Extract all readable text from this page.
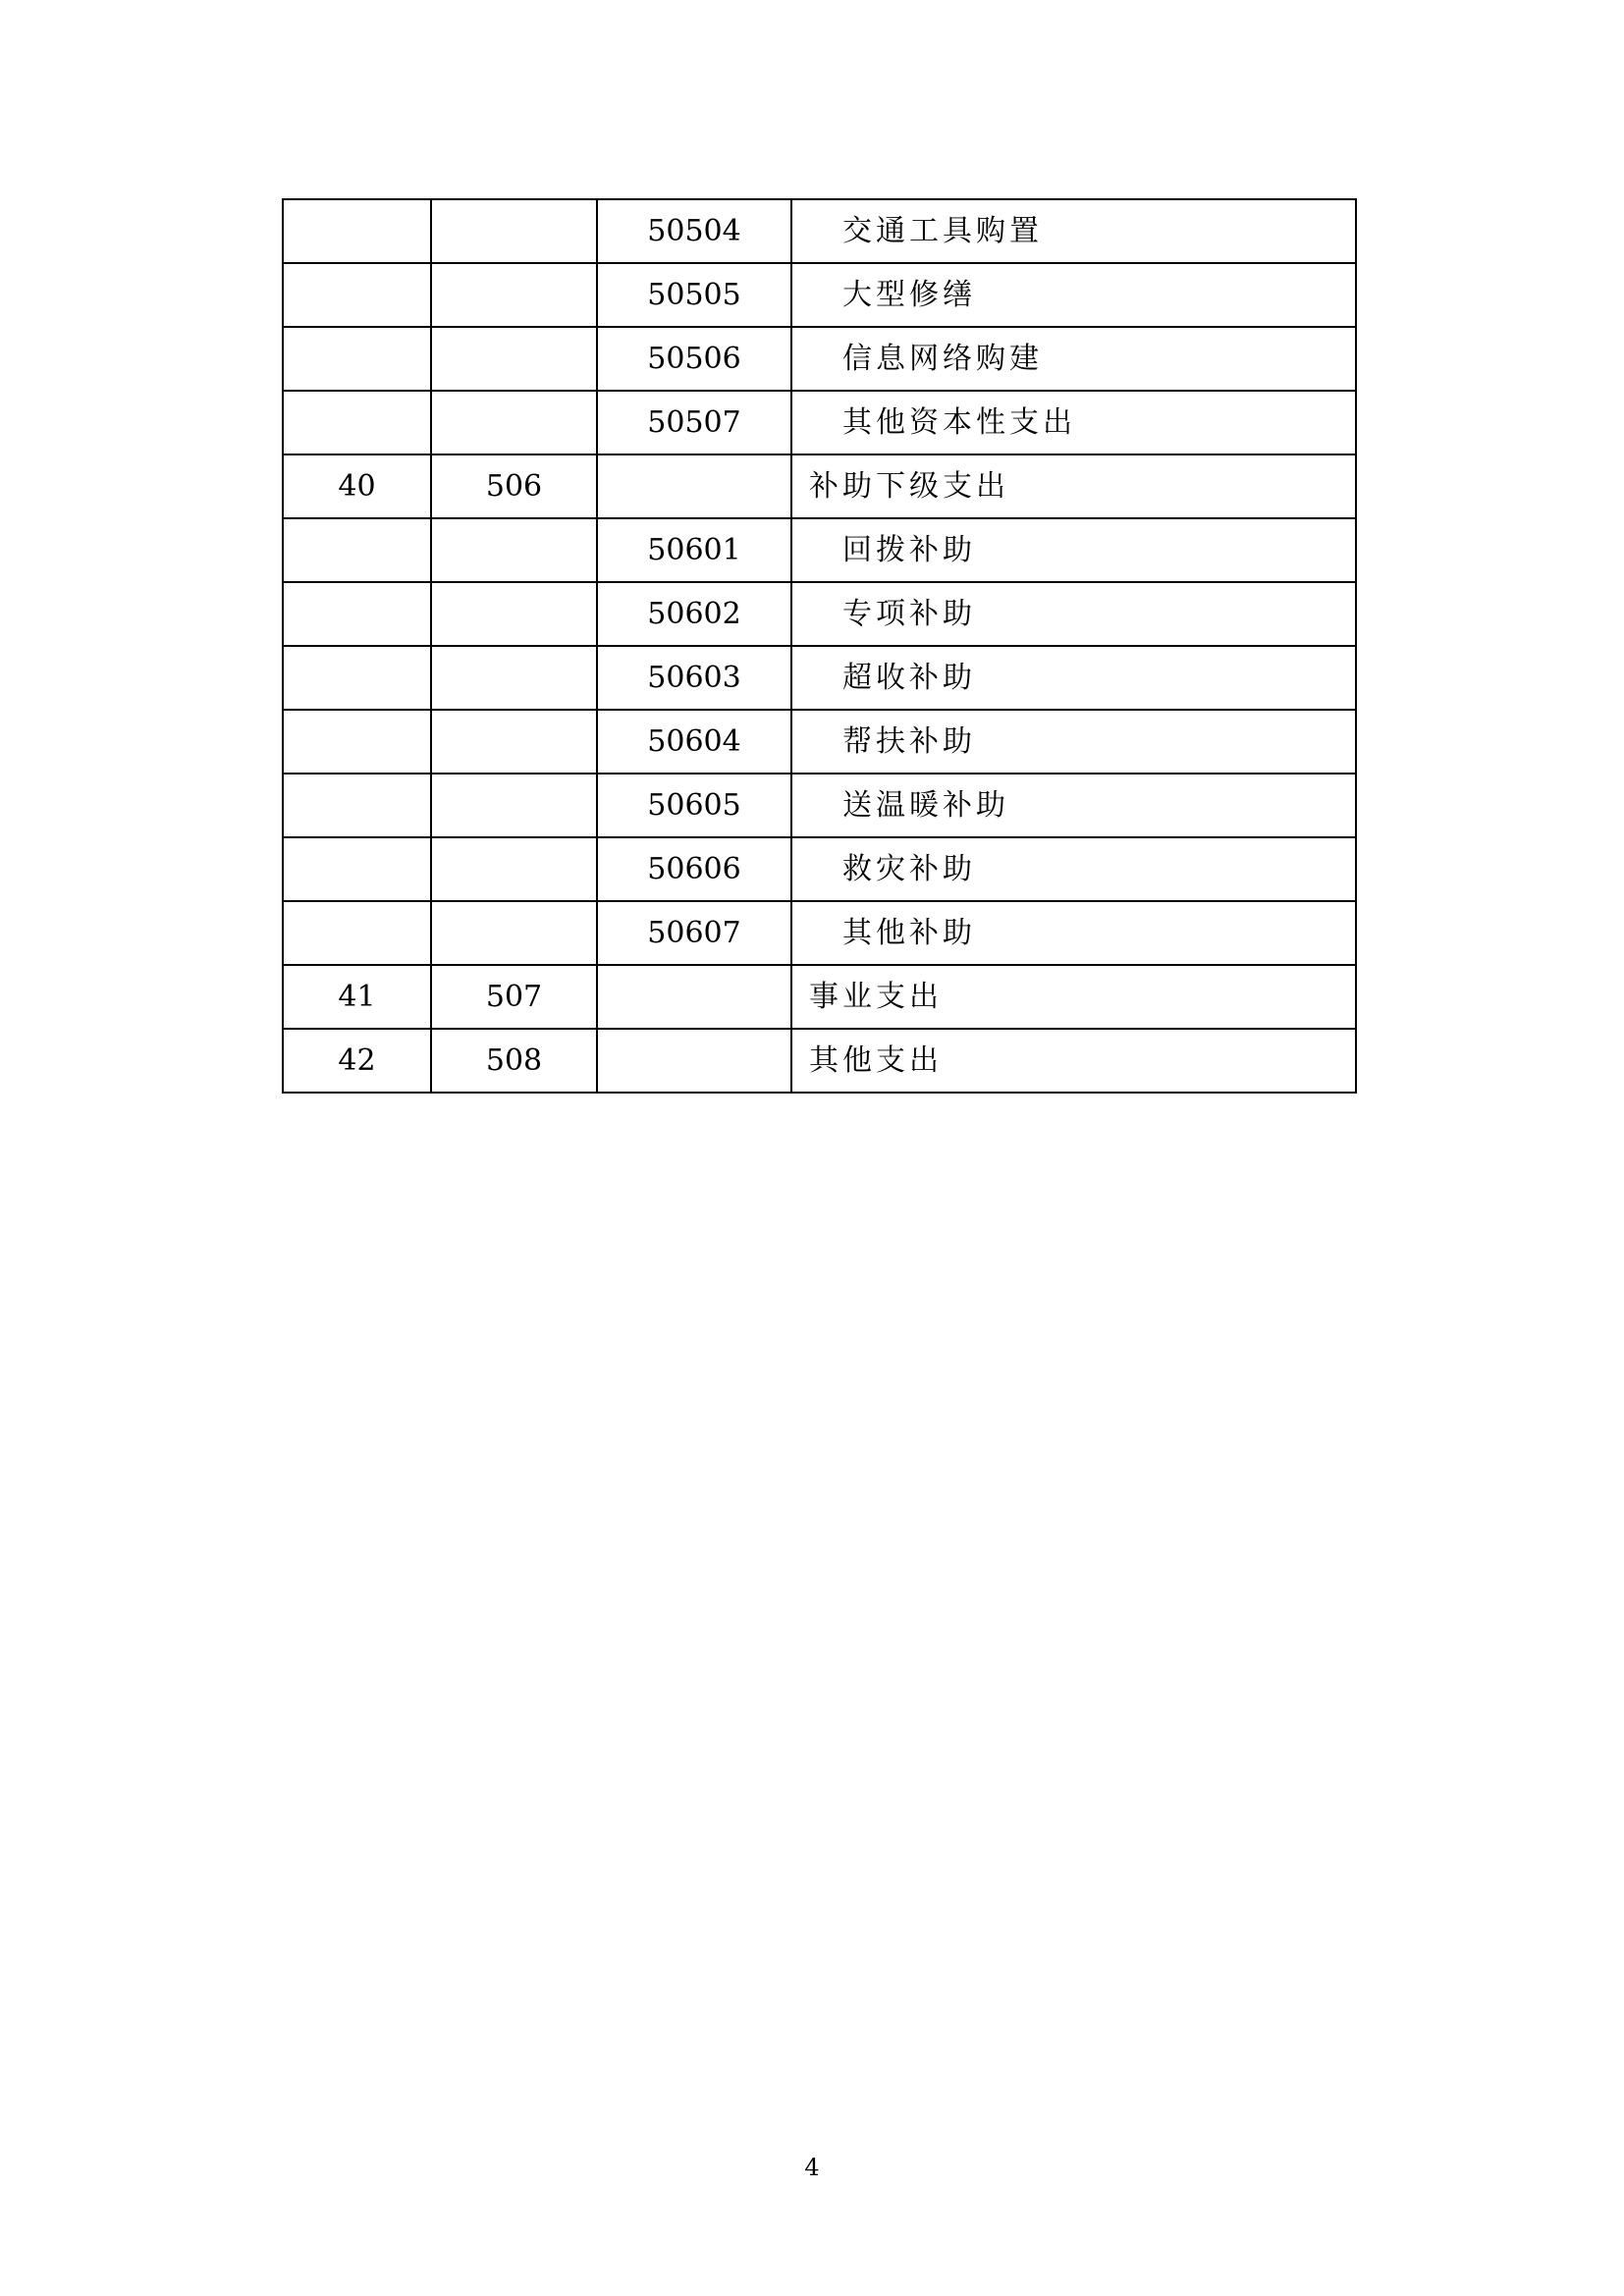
		50504	交通工具购置
		50505	大型修缮
		50506	信息网络购建
		50507	其他资本性支出
40	506		补助下级支出
		50601	回拨补助
		50602	专项补助
		50603	超收补助
		50604	帮扶补助
		50605	送温暖补助
		50606	救灾补助
		50607	其他补助
41	507		事业支出
42	508		其他支出
4
